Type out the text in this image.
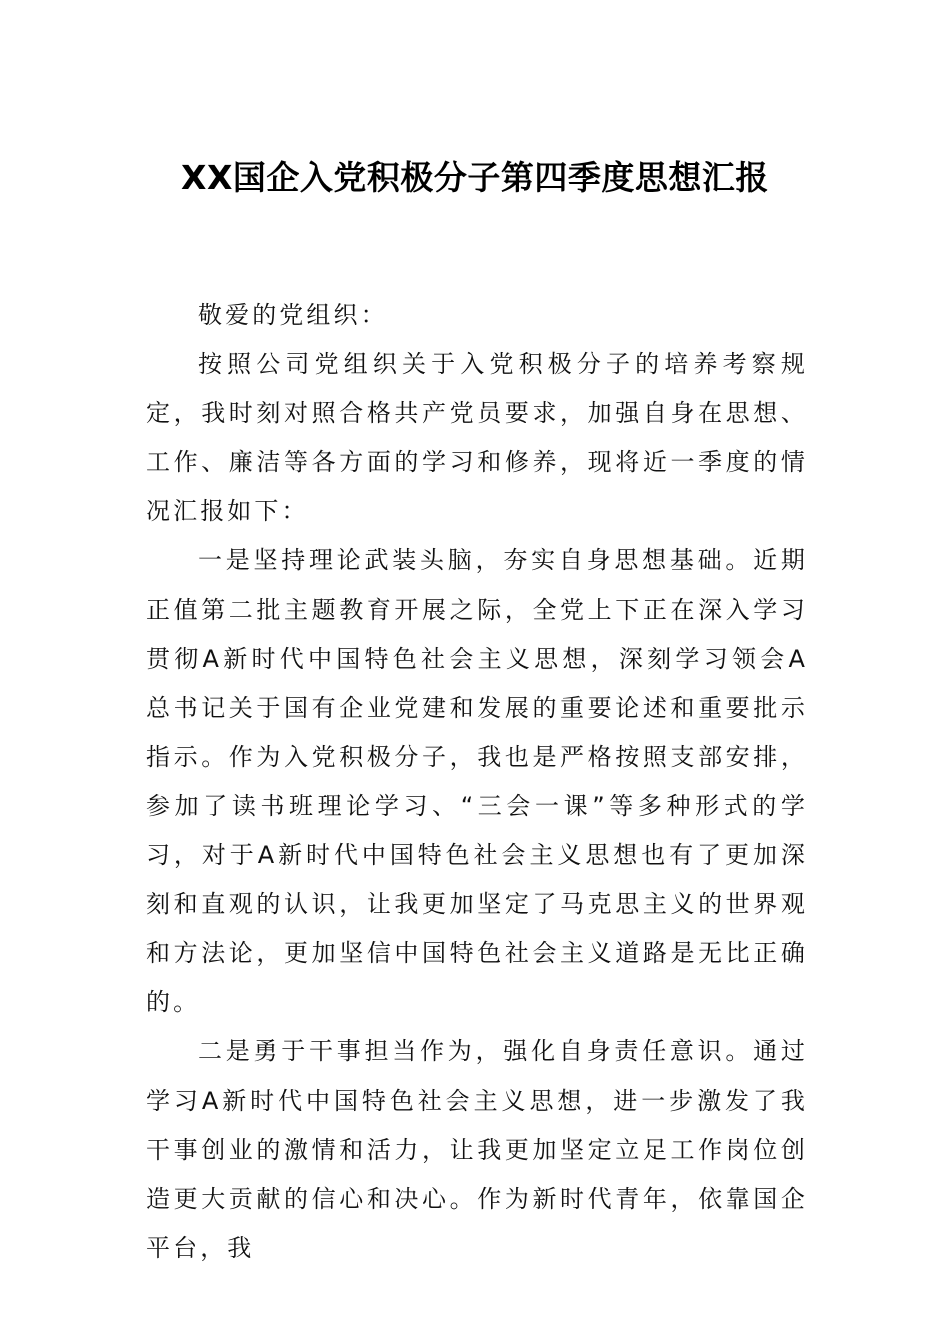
XX国企入党积极分子第四季度思想汇报

敬爱的党组织：

按照公司党组织关于入党积极分子的培养考察规定，我时刻对照合格共产党员要求，加强自身在思想、工作、廉洁等各方面的学习和修养，现将近一季度的情况汇报如下：

一是坚持理论武装头脑，夯实自身思想基础。近期正值第二批主题教育开展之际，全党上下正在深入学习贯彻A新时代中国特色社会主义思想，深刻学习领会A总书记关于国有企业党建和发展的重要论述和重要批示指示。作为入党积极分子，我也是严格按照支部安排，参加了读书班理论学习、“三会一课”等多种形式的学习，对于A新时代中国特色社会主义思想也有了更加深刻和直观的认识，让我更加坚定了马克思主义的世界观和方法论，更加坚信中国特色社会主义道路是无比正确的。

二是勇于干事担当作为，强化自身责任意识。通过学习A新时代中国特色社会主义思想，进一步激发了我干事创业的激情和活力，让我更加坚定立足工作岗位创造更大贡献的信心和决心。作为新时代青年，依靠国企平台，我
